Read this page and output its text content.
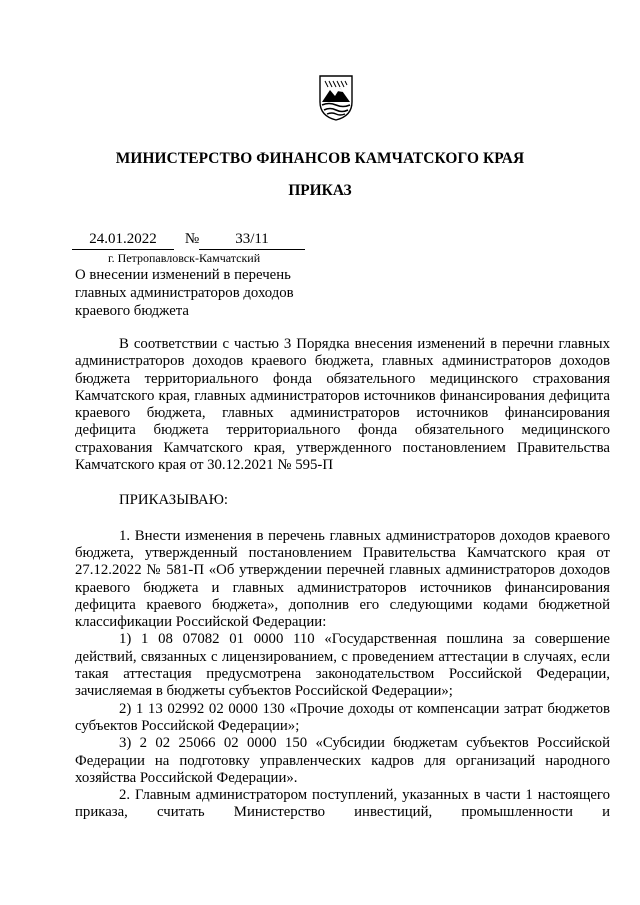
МИНИСТЕРСТВО ФИНАНСОВ КАМЧАТСКОГО КРАЯ
ПРИКАЗ
24.01.2022	№	33/11
г. Петропавловск-Камчатский
О внесении изменений в перечень
главных администраторов доходов
краевого бюджета

В соответствии с частью 3 Порядка внесения изменений в перечни главных администраторов доходов краевого бюджета, главных администраторов доходов бюджета территориального фонда обязательного медицинского страхования Камчатского края, главных администраторов источников финансирования дефицита краевого бюджета, главных администраторов источников финансирования дефицита бюджета территориального фонда обязательного медицинского страхования Камчатского края, утвержденного постановлением Правительства Камчатского края от 30.12.2021 № 595-П

ПРИКАЗЫВАЮ:

1. Внести изменения в перечень главных администраторов доходов краевого бюджета, утвержденный постановлением Правительства Камчатского края от 27.12.2022 № 581-П «Об утверждении перечней главных администраторов доходов краевого бюджета и главных администраторов источников финансирования дефицита краевого бюджета», дополнив его следующими кодами бюджетной классификации Российской Федерации:

1) 1 08 07082 01 0000 110 «Государственная пошлина за совершение действий, связанных с лицензированием, с проведением аттестации в случаях, если такая аттестация предусмотрена законодательством Российской Федерации, зачисляемая в бюджеты субъектов Российской Федерации»;

2) 1 13 02992 02 0000 130 «Прочие доходы от компенсации затрат бюджетов субъектов Российской Федерации»;

3) 2 02 25066 02 0000 150 «Субсидии бюджетам субъектов Российской Федерации на подготовку управленческих кадров для организаций народного хозяйства Российской Федерации».

2. Главным администратором поступлений, указанных в части 1 настоящего приказа, считать Министерство инвестиций, промышленности и
